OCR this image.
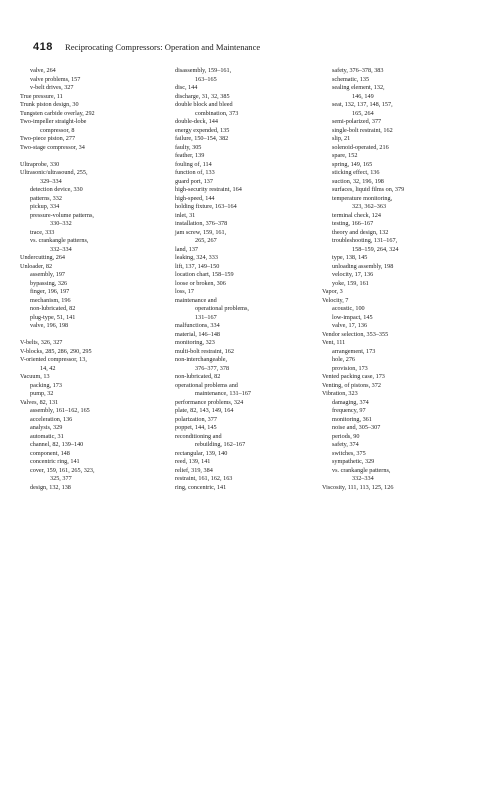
418 Reciprocating Compressors: Operation and Maintenance
valve, 264
valve problems, 157
v-belt drives, 327
True pressure, 11
Trunk piston design, 30
Tungsten carbide overlay, 292
Two-impeller straight-lobe
compressor, 8
Two-piece piston, 277
Two-stage compressor, 34
Ultraprobe, 330
Ultrasonic/ultrasound, 255,
329–334
detection device, 330
patterns, 332
pickup, 334
pressure-volume patterns,
330–332
trace, 333
vs. crankangle patterns,
332–334
Undercutting, 264
Unloader, 82
assembly, 197
bypassing, 326
finger, 196, 197
mechanism, 196
non-lubricated, 82
plug-type, 51, 141
valve, 196, 198
V-belts, 326, 327
V-blocks, 285, 286, 290, 295
V-oriented compressor, 13,
14, 42
Vacuum, 13
packing, 173
pump, 32
Valves, 82, 131
assembly, 161–162, 165
acceleration, 136
analysis, 329
automatic, 31
channel, 82, 139–140
component, 148
concentric ring, 141
cover, 159, 161, 265, 323,
325, 377
design, 132, 138
disassembly, 159–161,
163–165
disc, 144
discharge, 31, 32, 385
double block and bleed
combination, 373
double-deck, 144
energy expended, 135
failure, 150–154, 382
faulty, 305
feather, 139
fouling of, 114
function of, 133
guard port, 137
high-security restraint, 164
high-speed, 144
holding fixture, 163–164
inlet, 31
installation, 376–378
jam screw, 159, 161,
265, 267
land, 137
leaking, 324, 333
lift, 137, 149–150
location chart, 158–159
loose or broken, 306
loss, 17
maintenance and
operational problems,
131–167
malfunctions, 334
material, 146–148
monitoring, 323
multi-bolt restraint, 162
non-interchangeable,
376–377, 378
non-lubricated, 82
operational problems and
maintenance, 131–167
performance problems, 324
plate, 82, 143, 149, 164
polarization, 377
poppet, 144, 145
reconditioning and
rebuilding, 162–167
rectangular, 139, 140
reed, 139, 141
relief, 319, 384
restraint, 161, 162, 163
ring, concentric, 141
safety, 376–378, 383
schematic, 135
sealing element, 132,
146, 149
seat, 132, 137, 148, 157,
165, 264
semi-polarized, 377
single-bolt restraint, 162
slip, 21
solenoid-operated, 216
spare, 152
spring, 149, 165
sticking effect, 136
suction, 32, 196, 198
surfaces, liquid films on, 379
temperature monitoring,
323, 362–363
terminal check, 124
testing, 166–167
theory and design, 132
troubleshooting, 131–167,
158–159, 264, 324
type, 138, 145
unloading assembly, 198
velocity, 17, 136
yoke, 159, 161
Vapor, 3
Velocity, 7
acoustic, 100
low-impact, 145
valve, 17, 136
Vendor selection, 353–355
Vent, 111
arrangement, 173
hole, 276
provision, 173
Vented packing case, 173
Venting, of pistons, 372
Vibration, 323
damaging, 374
frequency, 97
monitoring, 361
noise and, 305–307
periods, 90
safety, 374
switches, 375
sympathetic, 329
vs. crankangle patterns,
332–334
Viscosity, 111, 113, 125, 126
